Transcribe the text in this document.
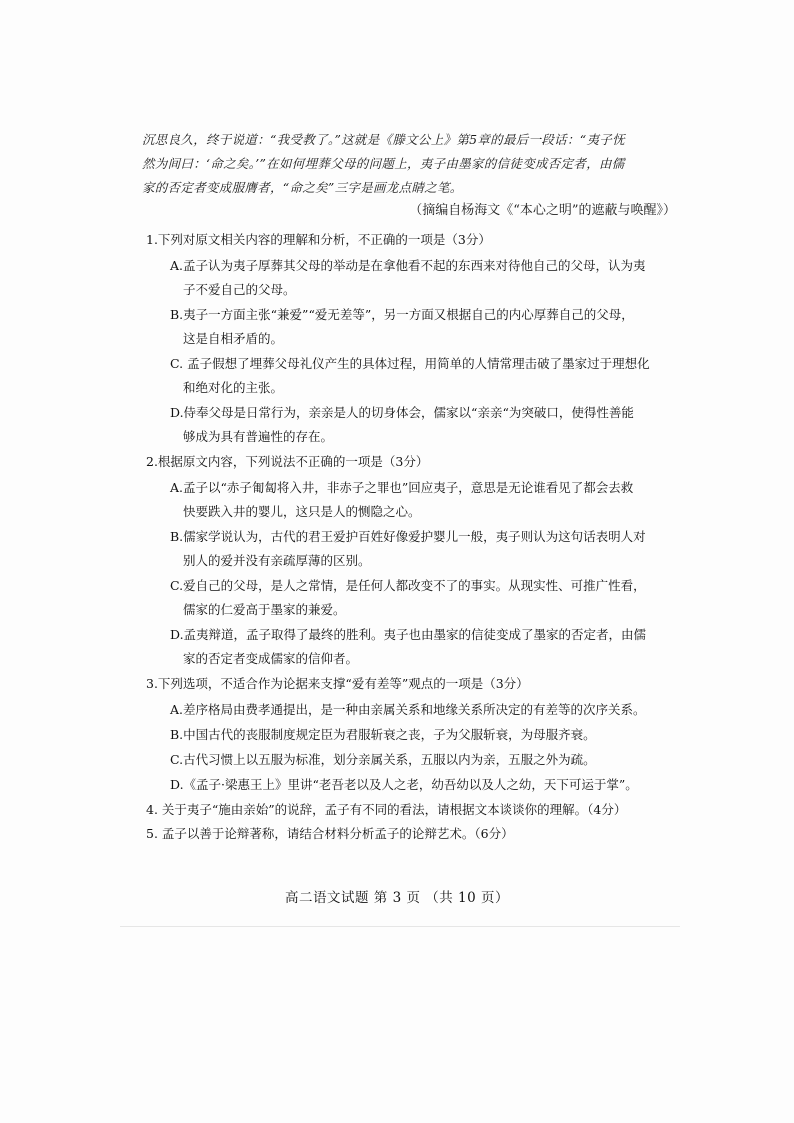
沉思良久，终于说道：“我受教了。”这就是《滕文公上》第5章的最后一段话：“夷子怃

然为间曰：‘命之矣。’”在如何埋葬父母的问题上，夷子由墨家的信徒变成否定者，由儒

家的否定者变成服膺者，“命之矣”三字是画龙点睛之笔。

（摘编自杨海文《“本心之明”的遮蔽与唤醒》）

1.下列对原文相关内容的理解和分析，不正确的一项是（3分）

A.孟子认为夷子厚葬其父母的举动是在拿他看不起的东西来对待他自己的父母，认为夷
子不爱自己的父母。

B.夷子一方面主张“兼爱”“爱无差等”，另一方面又根据自己的内心厚葬自己的父母，
这是自相矛盾的。

C. 孟子假想了埋葬父母礼仪产生的具体过程，用简单的人情常理击破了墨家过于理想化
和绝对化的主张。

D.侍奉父母是日常行为，亲亲是人的切身体会，儒家以“亲亲“为突破口，使得性善能
够成为具有普遍性的存在。

2.根据原文内容，下列说法不正确的一项是（3分）

A.孟子以“赤子匍匐将入井，非赤子之罪也”回应夷子，意思是无论谁看见了都会去救
快要跌入井的婴儿，这只是人的恻隐之心。

B.儒家学说认为，古代的君王爱护百姓好像爱护婴儿一般，夷子则认为这句话表明人对
别人的爱并没有亲疏厚薄的区别。

C.爱自己的父母，是人之常情，是任何人都改变不了的事实。从现实性、可推广性看，
儒家的仁爱高于墨家的兼爱。

D.孟夷辩道，孟子取得了最终的胜利。夷子也由墨家的信徒变成了墨家的否定者，由儒
家的否定者变成儒家的信仰者。

3.下列选项，不适合作为论据来支撑“爱有差等”观点的一项是（3分）

A.差序格局由费孝通提出，是一种由亲属关系和地缘关系所决定的有差等的次序关系。

B.中国古代的丧服制度规定臣为君服斩衰之丧，子为父服斩衰，为母服齐衰。

C.古代习惯上以五服为标准，划分亲属关系，五服以内为亲，五服之外为疏。

D.《孟子·梁惠王上》里讲“老吾老以及人之老，幼吾幼以及人之幼，天下可运于掌”。

4. 关于夷子“施由亲始”的说辞，孟子有不同的看法，请根据文本谈谈你的理解。（4分）

5. 孟子以善于论辩著称，请结合材料分析孟子的论辩艺术。（6分）

高二语文试题 第 3 页 （共 10 页）
